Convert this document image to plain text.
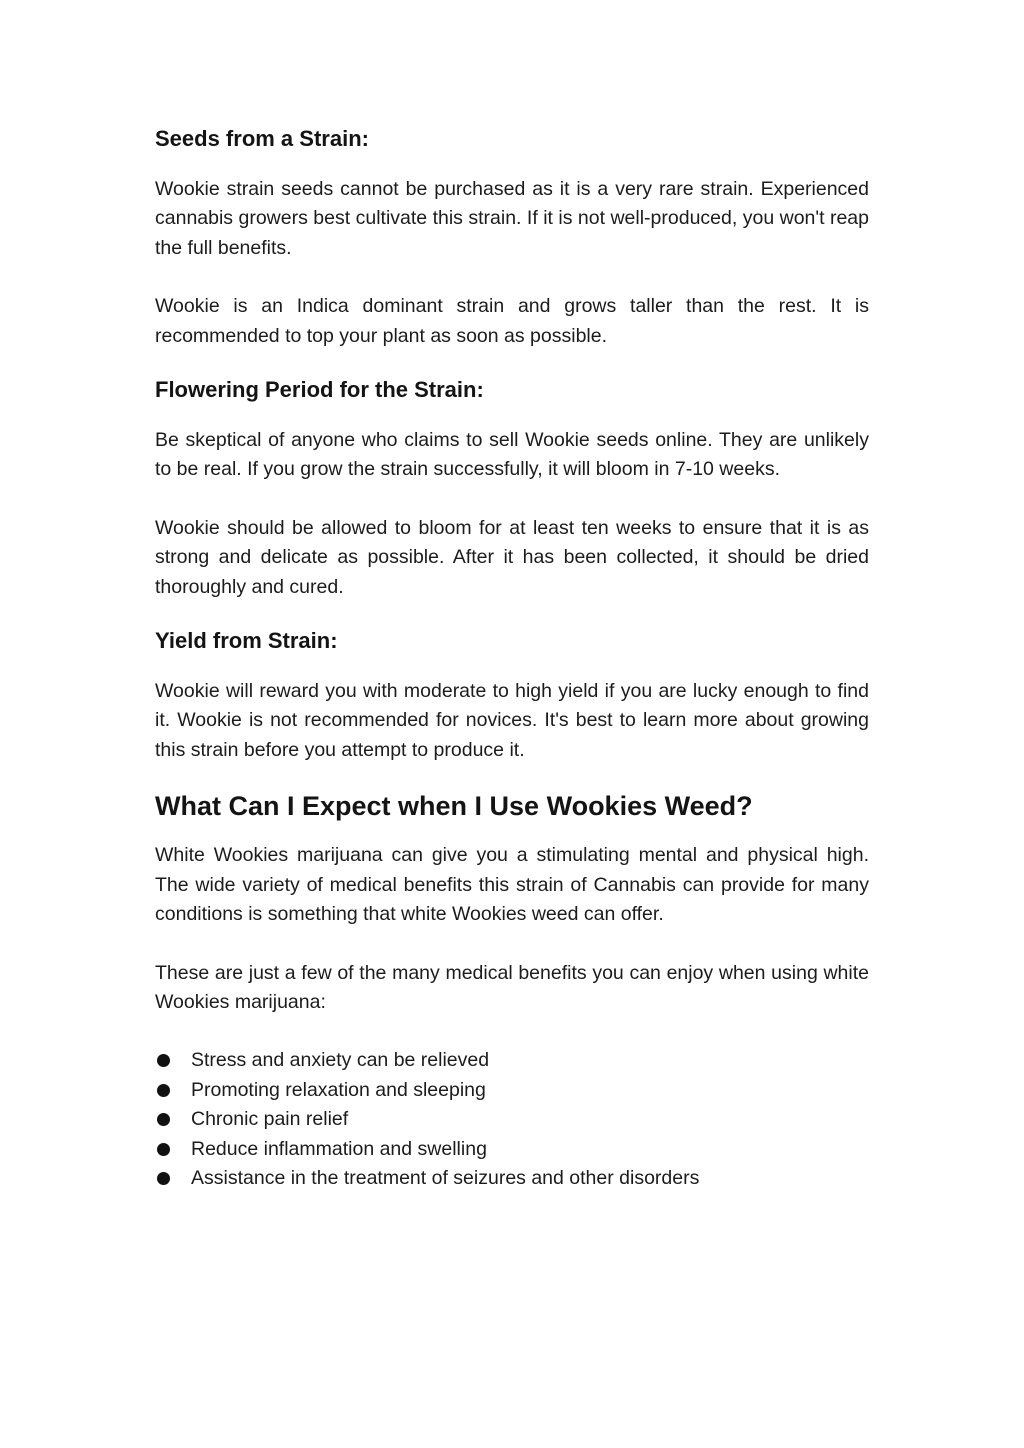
Seeds from a Strain:

Wookie strain seeds cannot be purchased as it is a very rare strain. Experienced cannabis growers best cultivate this strain. If it is not well-produced, you won't reap the full benefits.

Wookie is an Indica dominant strain and grows taller than the rest. It is recommended to top your plant as soon as possible.

Flowering Period for the Strain:

Be skeptical of anyone who claims to sell Wookie seeds online. They are unlikely to be real. If you grow the strain successfully, it will bloom in 7-10 weeks.

Wookie should be allowed to bloom for at least ten weeks to ensure that it is as strong and delicate as possible. After it has been collected, it should be dried thoroughly and cured.

Yield from Strain:

Wookie will reward you with moderate to high yield if you are lucky enough to find it. Wookie is not recommended for novices. It's best to learn more about growing this strain before you attempt to produce it.

What Can I Expect when I Use Wookies Weed?

White Wookies marijuana can give you a stimulating mental and physical high. The wide variety of medical benefits this strain of Cannabis can provide for many conditions is something that white Wookies weed can offer.

These are just a few of the many medical benefits you can enjoy when using white Wookies marijuana:

Stress and anxiety can be relieved
Promoting relaxation and sleeping
Chronic pain relief
Reduce inflammation and swelling
Assistance in the treatment of seizures and other disorders
